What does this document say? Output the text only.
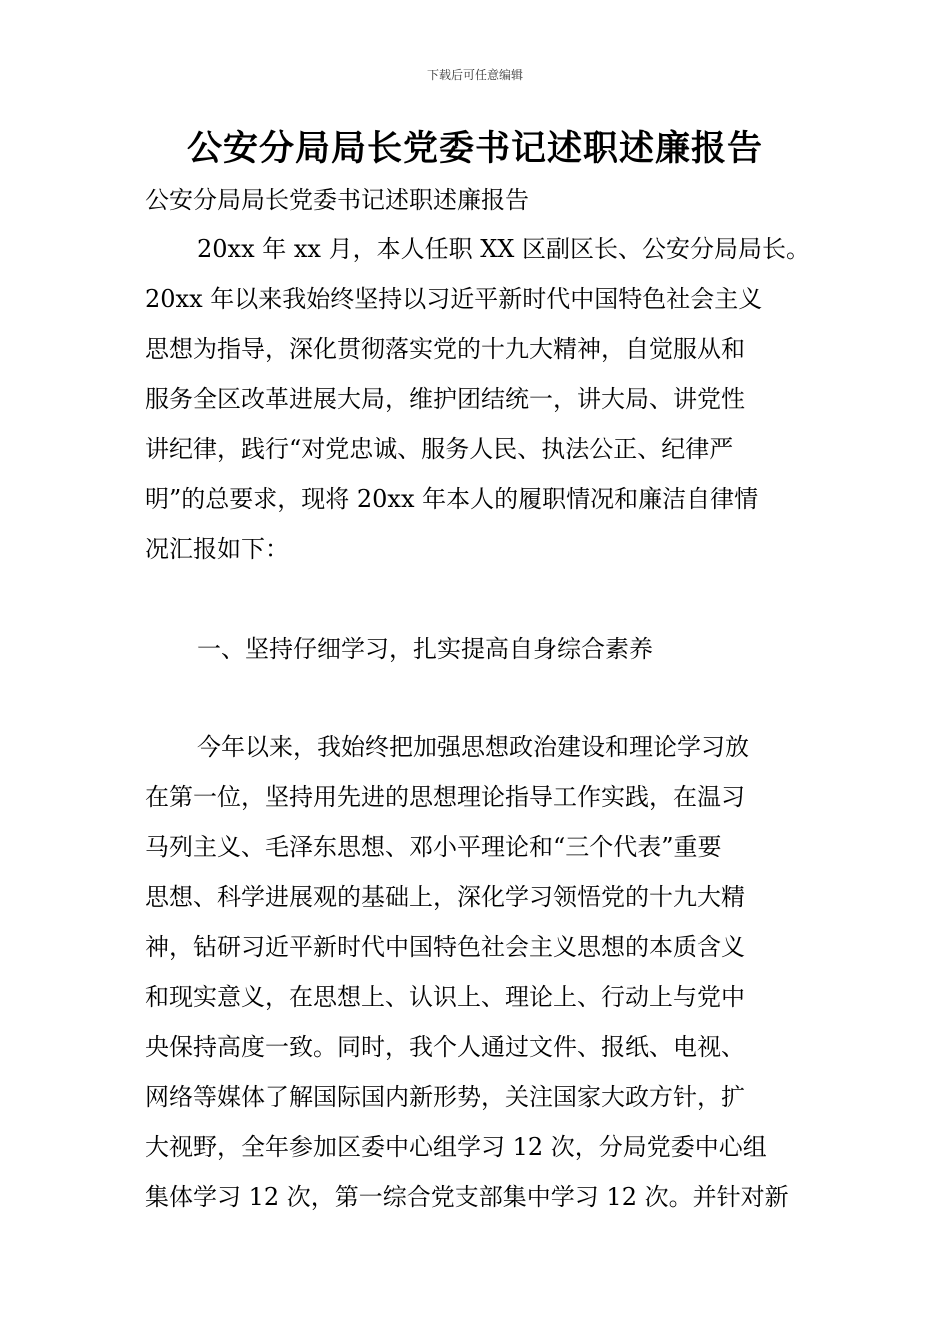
下载后可任意编辑
公安分局局长党委书记述职述廉报告
公安分局局长党委书记述职述廉报告
20xx 年 xx 月，本人任职 XX 区副区长、公安分局局长。
20xx 年以来我始终坚持以习近平新时代中国特色社会主义
思想为指导，深化贯彻落实党的十九大精神，自觉服从和
服务全区改革进展大局，维护团结统一，讲大局、讲党性
讲纪律，践行“对党忠诚、服务人民、执法公正、纪律严
明”的总要求，现将 20xx 年本人的履职情况和廉洁自律情
况汇报如下：
一、坚持仔细学习，扎实提高自身综合素养
今年以来，我始终把加强思想政治建设和理论学习放
在第一位，坚持用先进的思想理论指导工作实践，在温习
马列主义、毛泽东思想、邓小平理论和“三个代表”重要
思想、科学进展观的基础上，深化学习领悟党的十九大精
神，钻研习近平新时代中国特色社会主义思想的本质含义
和现实意义，在思想上、认识上、理论上、行动上与党中
央保持高度一致。同时，我个人通过文件、报纸、电视、
网络等媒体了解国际国内新形势，关注国家大政方针，扩
大视野，全年参加区委中心组学习 12 次，分局党委中心组
集体学习 12 次，第一综合党支部集中学习 12 次。并针对新
